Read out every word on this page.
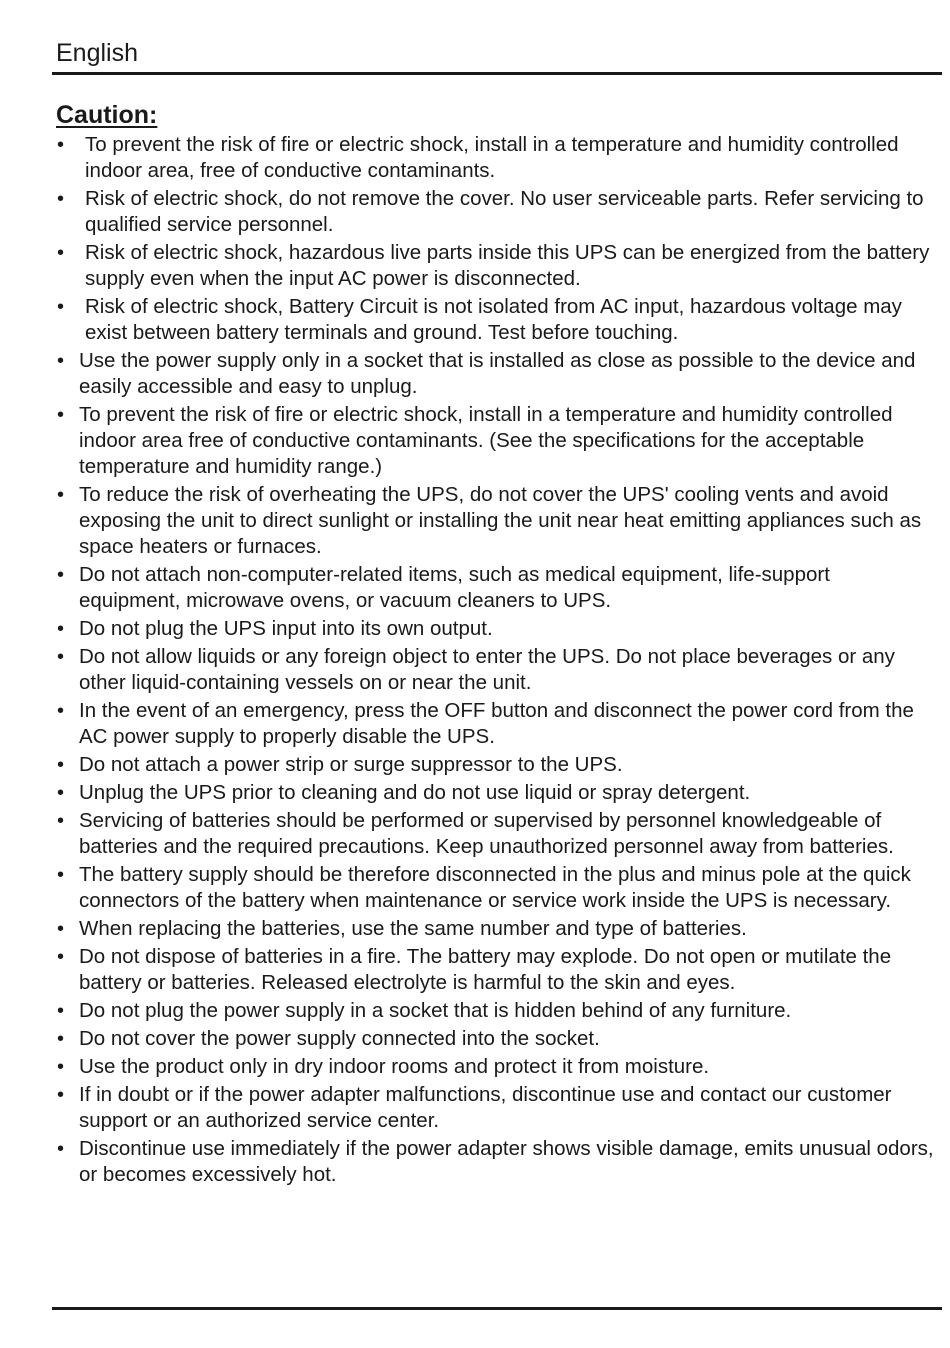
English
Caution:
• To prevent the risk of fire or electric shock, install in a temperature and humidity controlled indoor area, free of conductive contaminants.
• Risk of electric shock, do not remove the cover. No user serviceable parts. Refer servicing to qualified service personnel.
• Risk of electric shock, hazardous live parts inside this UPS can be energized from the battery supply even when the input AC power is disconnected.
• Risk of electric shock, Battery Circuit is not isolated from AC input, hazardous voltage may exist between battery terminals and ground. Test before touching.
• Use the power supply only in a socket that is installed as close as possible to the device and easily accessible and easy to unplug.
• To prevent the risk of fire or electric shock, install in a temperature and humidity controlled indoor area free of conductive contaminants. (See the specifications for the acceptable temperature and humidity range.)
• To reduce the risk of overheating the UPS, do not cover the UPS' cooling vents and avoid exposing the unit to direct sunlight or installing the unit near heat emitting appliances such as space heaters or furnaces.
• Do not attach non-computer-related items, such as medical equipment, life-support equipment, microwave ovens, or vacuum cleaners to UPS.
• Do not plug the UPS input into its own output.
• Do not allow liquids or any foreign object to enter the UPS. Do not place beverages or any other liquid-containing vessels on or near the unit.
• In the event of an emergency, press the OFF button and disconnect the power cord from the AC power supply to properly disable the UPS.
• Do not attach a power strip or surge suppressor to the UPS.
• Unplug the UPS prior to cleaning and do not use liquid or spray detergent.
• Servicing of batteries should be performed or supervised by personnel knowledgeable of batteries and the required precautions. Keep unauthorized personnel away from batteries.
• The battery supply should be therefore disconnected in the plus and minus pole at the quick connectors of the battery when maintenance or service work inside the UPS is necessary.
• When replacing the batteries, use the same number and type of batteries.
• Do not dispose of batteries in a fire. The battery may explode. Do not open or mutilate the battery or batteries. Released electrolyte is harmful to the skin and eyes.
• Do not plug the power supply in a socket that is hidden behind of any furniture.
• Do not cover the power supply connected into the socket.
• Use the product only in dry indoor rooms and protect it from moisture.
• If in doubt or if the power adapter malfunctions, discontinue use and contact our customer support or an authorized service center.
• Discontinue use immediately if the power adapter shows visible damage, emits unusual odors, or becomes excessively hot.
